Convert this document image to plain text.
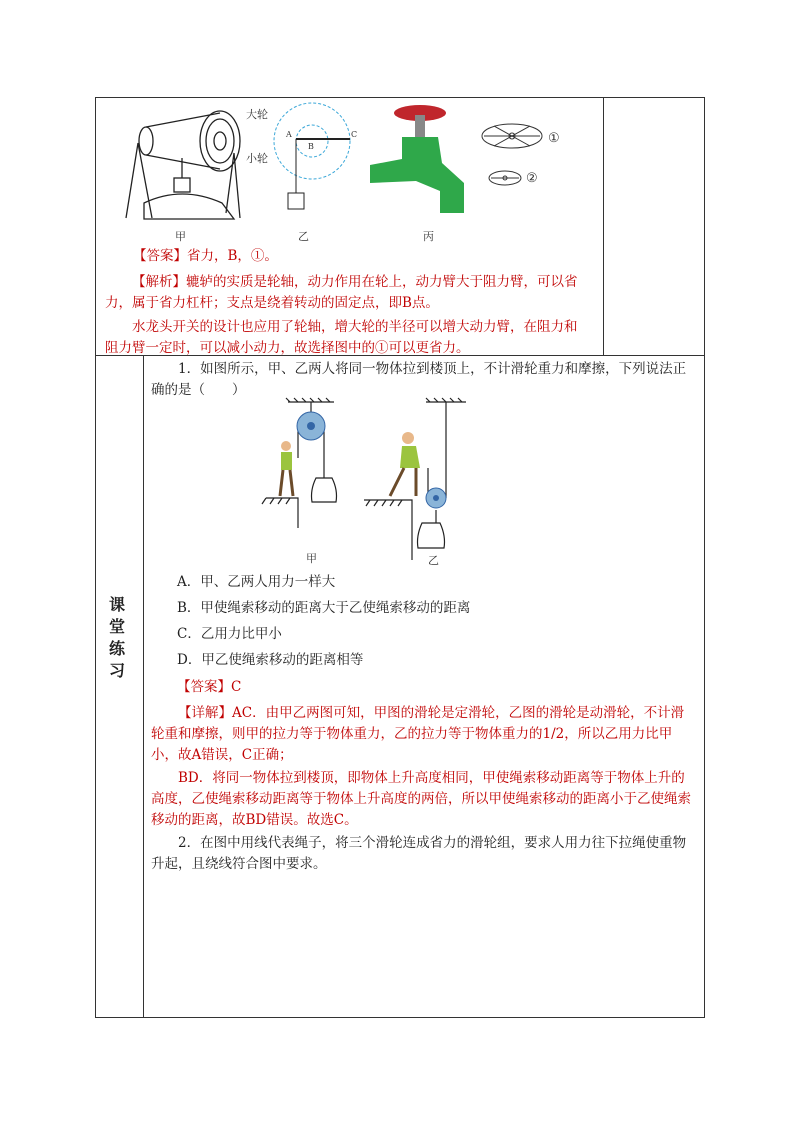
大轮
小轮
甲
A
B
C
乙	丙
①
②

【答案】省力，B，①。

【解析】辘轳的实质是轮轴，动力作用在轮上，动力臂大于阻力臂，可以省力，属于省力杠杆；支点是绕着转动的固定点，即B点。

水龙头开关的设计也应用了轮轴，增大轮的半径可以增大动力臂，在阻力和阻力臂一定时，可以减小动力，故选择图中的①可以更省力。

课
堂
练
习

1．如图所示，甲、乙两人将同一物体拉到楼顶上，不计滑轮重力和摩擦，下列说法正确的是（　　）

甲	乙

A．甲、乙两人用力一样大

B．甲使绳索移动的距离大于乙使绳索移动的距离

C．乙用力比甲小

D．甲乙使绳索移动的距离相等

【答案】C

【详解】AC．由甲乙两图可知，甲图的滑轮是定滑轮，乙图的滑轮是动滑轮，不计滑轮重和摩擦，则甲的拉力等于物体重力，乙的拉力等于物体重力的1/2，所以乙用力比甲小，故A错误，C正确；

BD．将同一物体拉到楼顶，即物体上升高度相同，甲使绳索移动距离等于物体上升的高度，乙使绳索移动距离等于物体上升高度的两倍，所以甲使绳索移动的距离小于乙使绳索移动的距离，故BD错误。故选C。

2．在图中用线代表绳子，将三个滑轮连成省力的滑轮组，要求人用力往下拉绳使重物升起，且绕线符合图中要求。
